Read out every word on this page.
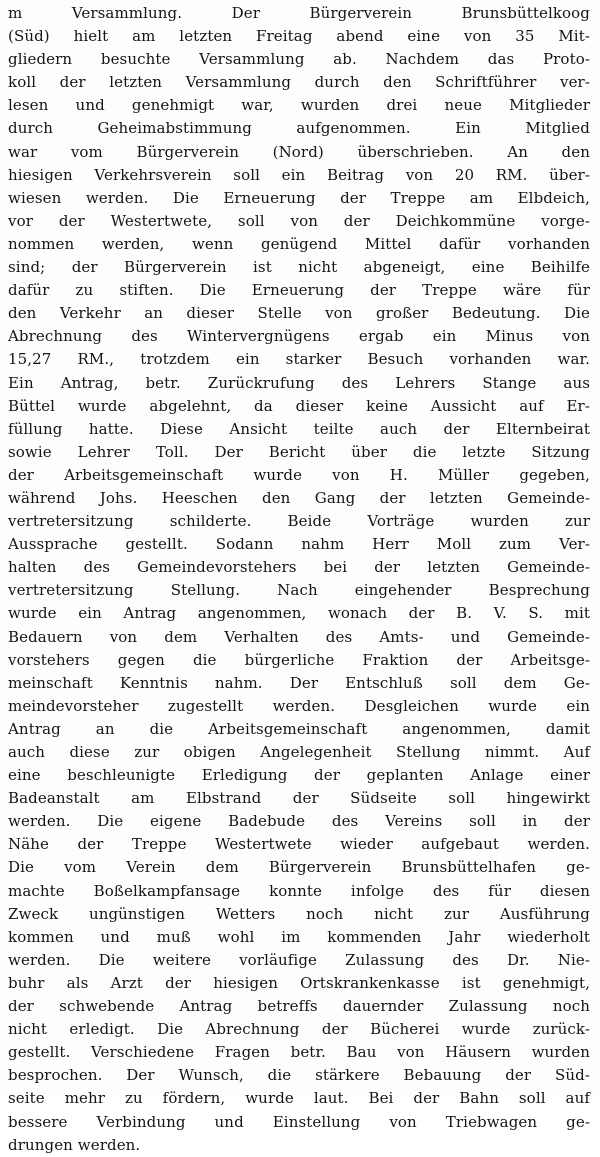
m Versammlung. Der Bürgerverein Brunsbüttelkoog
(Süd) hielt am letzten Freitag abend eine von 35 Mit-
gliedern besuchte Versammlung ab. Nachdem das Proto-
koll der letzten Versammlung durch den Schriftführer ver-
lesen und genehmigt war, wurden drei neue Mitglieder
durch Geheimabstimmung aufgenommen. Ein Mitglied
war vom Bürgerverein (Nord) überschrieben. An den
hiesigen Verkehrsverein soll ein Beitrag von 20 RM. über-
wiesen werden. Die Erneuerung der Treppe am Elbdeich,
vor der Westertwete, soll von der Deichkommüne vorge-
nommen werden, wenn genügend Mittel dafür vorhanden
sind; der Bürgerverein ist nicht abgeneigt, eine Beihilfe
dafür zu stiften. Die Erneuerung der Treppe wäre für
den Verkehr an dieser Stelle von großer Bedeutung. Die
Abrechnung des Wintervergnügens ergab ein Minus von
15,27 RM., trotzdem ein starker Besuch vorhanden war.
Ein Antrag, betr. Zurückrufung des Lehrers Stange aus
Büttel wurde abgelehnt, da dieser keine Aussicht auf Er-
füllung hatte. Diese Ansicht teilte auch der Elternbeirat
sowie Lehrer Toll. Der Bericht über die letzte Sitzung
der Arbeitsgemeinschaft wurde von H. Müller gegeben,
während Johs. Heeschen den Gang der letzten Gemeinde-
vertretersitzung schilderte. Beide Vorträge wurden zur
Aussprache gestellt. Sodann nahm Herr Moll zum Ver-
halten des Gemeindevorstehers bei der letzten Gemeinde-
vertretersitzung Stellung. Nach eingehender Besprechung
wurde ein Antrag angenommen, wonach der B. V. S. mit
Bedauern von dem Verhalten des Amts- und Gemeinde-
vorstehers gegen die bürgerliche Fraktion der Arbeitsge-
meinschaft Kenntnis nahm. Der Entschluß soll dem Ge-
meindevorsteher zugestellt werden. Desgleichen wurde ein
Antrag an die Arbeitsgemeinschaft angenommen, damit
auch diese zur obigen Angelegenheit Stellung nimmt. Auf
eine beschleunigte Erledigung der geplanten Anlage einer
Badeanstalt am Elbstrand der Südseite soll hingewirkt
werden. Die eigene Badebude des Vereins soll in der
Nähe der Treppe Westertwete wieder aufgebaut werden.
Die vom Verein dem Bürgerverein Brunsbüttelhafen ge-
machte Boßelkampfansage konnte infolge des für diesen
Zweck ungünstigen Wetters noch nicht zur Ausführung
kommen und muß wohl im kommenden Jahr wiederholt
werden. Die weitere vorläufige Zulassung des Dr. Nie-
buhr als Arzt der hiesigen Ortskrankenkasse ist genehmigt,
der schwebende Antrag betreffs dauernder Zulassung noch
nicht erledigt. Die Abrechnung der Bücherei wurde zurück-
gestellt. Verschiedene Fragen betr. Bau von Häusern wurden
besprochen. Der Wunsch, die stärkere Bebauung der Süd-
seite mehr zu fördern, wurde laut. Bei der Bahn soll auf
bessere Verbindung und Einstellung von Triebwagen ge-
drungen werden.
